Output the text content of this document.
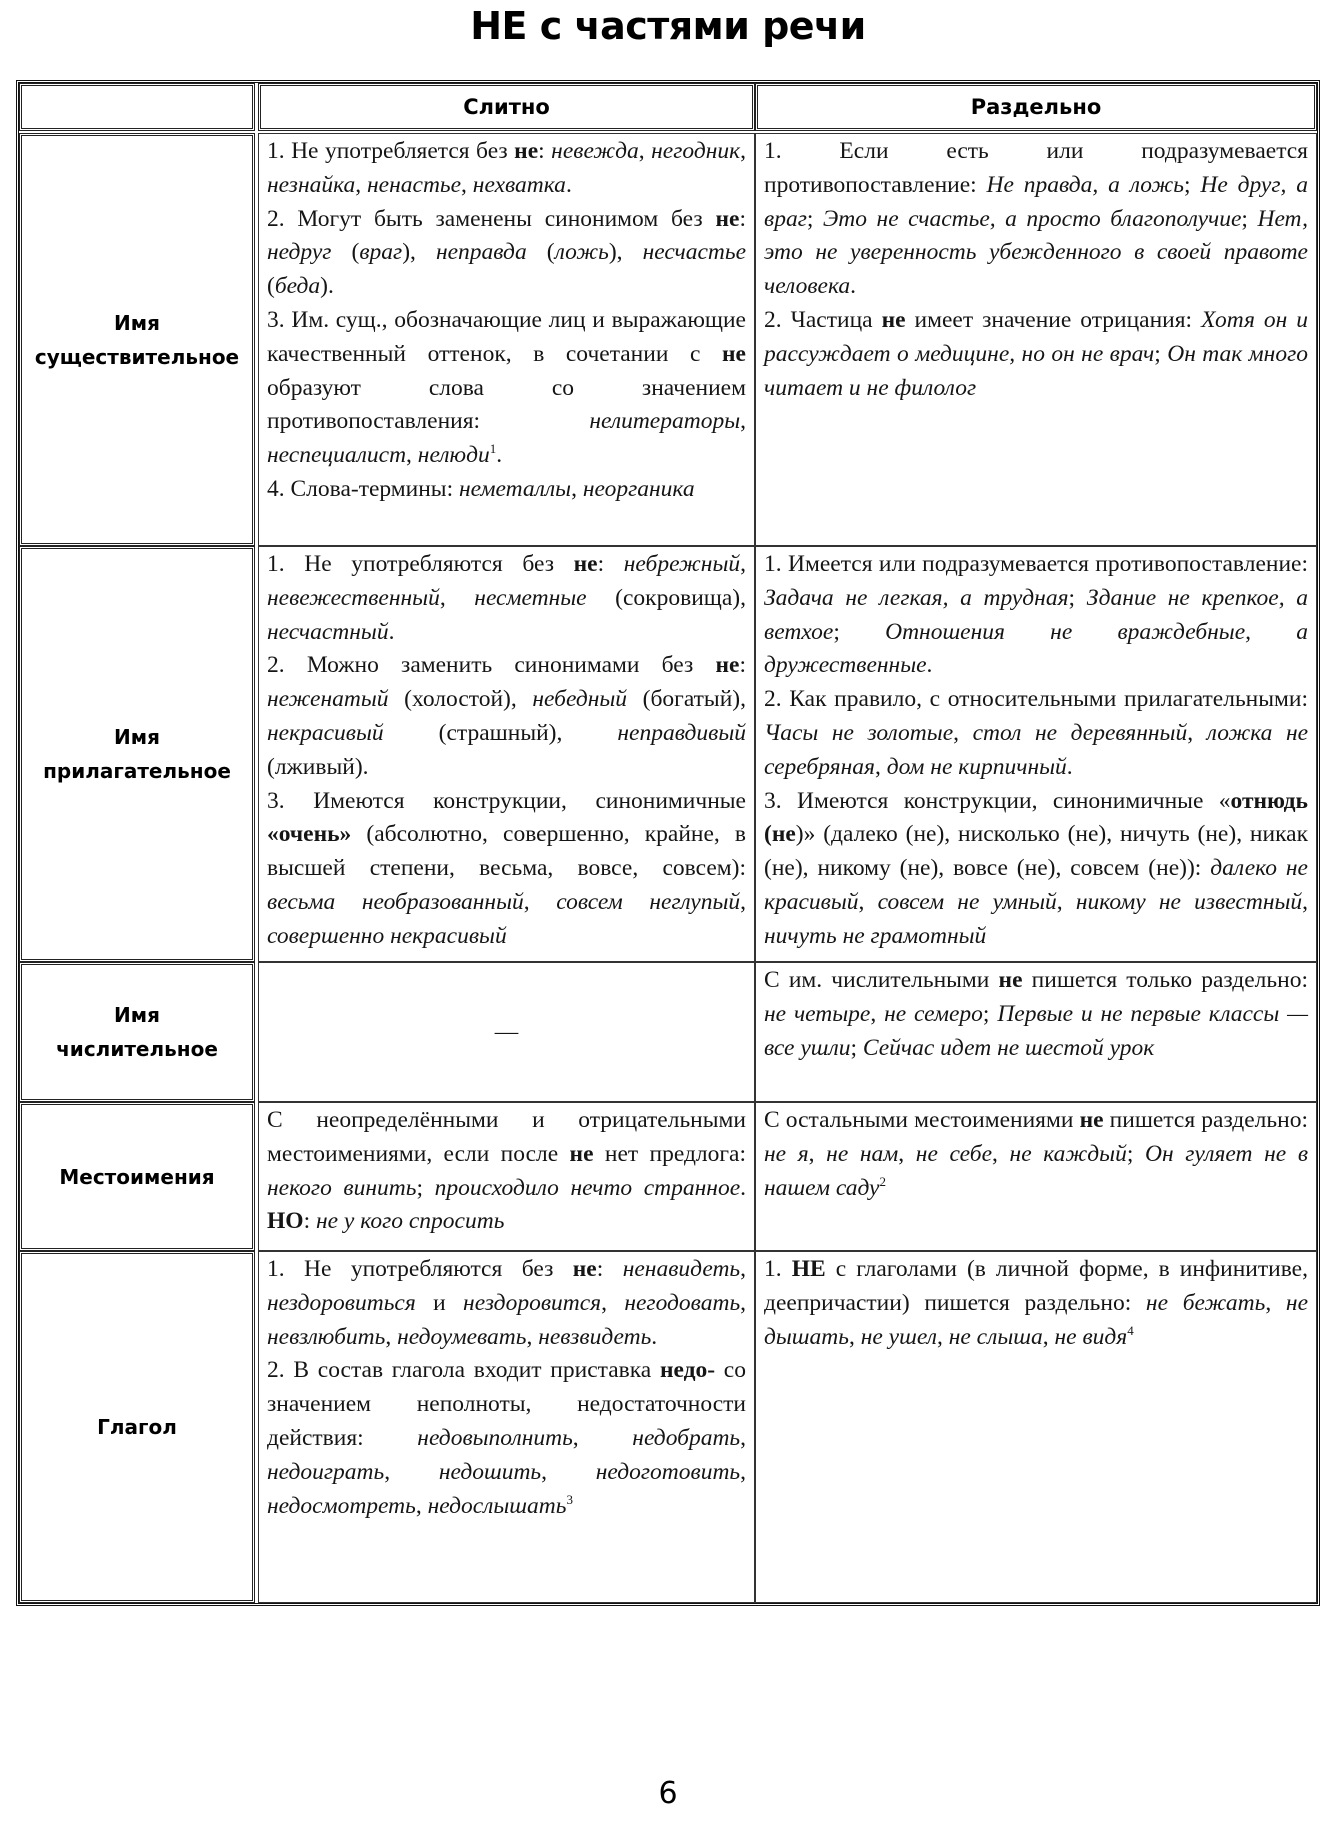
НЕ с частями речи
Слитно	Раздельно
Имя
существительное

1. Не употребляется без не: невежда, негодник, незнайка, ненастье, нехватка.

2. Могут быть заменены синонимом без не: недруг (враг), неправда (ложь), несчастье (беда).

3. Им. сущ., обозначающие лиц и выражающие качественный оттенок, в сочетании с не образуют слова со значением противопоставления: нелитераторы, неспециалист, нелюди$^1$.

4. Слова-термины: неметаллы, неорганика

1. Если есть или подразумевается противопоставление: Не правда, а ложь; Не друг, а враг; Это не счастье, а просто благополучие; Нет, это не уверенность убежденного в своей правоте человека.

2. Частица не имеет значение отрицания: Хотя он и рассуждает о медицине, но он не врач; Он так много читает и не филолог

Имя
прилагательное

1. Не употребляются без не: небрежный, невежественный, несметные (сокровища), несчастный.

2. Можно заменить синонимами без не: неженатый (холостой), небедный (богатый), некрасивый (страшный), неправдивый (лживый).

3. Имеются конструкции, синонимичные «очень» (абсолютно, совершенно, крайне, в высшей степени, весьма, вовсе, совсем): весьма необразованный, совсем неглупый, совершенно некрасивый

1. Имеется или подразумевается противопоставление: Задача не легкая, а трудная; Здание не крепкое, а ветхое; Отношения не враждебные, а дружественные.

2. Как правило, с относительными прилагательными: Часы не золотые, стол не деревянный, ложка не серебряная, дом не кирпичный.

3. Имеются конструкции, синонимичные «отнюдь (не)» (далеко (не), нисколько (не), ничуть (не), никак (не), никому (не), вовсе (не), совсем (не)): далеко не красивый, совсем не умный, никому не известный, ничуть не грамотный

Имя
числительное
—

С им. числительными не пишется только раздельно: не четыре, не семеро; Первые и не первые классы — все ушли; Сейчас идет не шестой урок

Местоимения

С неопределёнными и отрицательными местоимениями, если после не нет предлога: некого винить; происходило нечто странное. НО: не у кого спросить

С остальными местоимениями не пишется раздельно: не я, не нам, не себе, не каждый; Он гуляет не в нашем саду$^2$

Глагол

1. Не употребляются без не: ненавидеть, нездоровиться и нездоровится, негодовать, невзлюбить, недоумевать, невзвидеть.

2. В состав глагола входит приставка недо- со значением неполноты, недостаточности действия: недовыполнить, недобрать, недоиграть, недошить, недоготовить, недосмотреть, недослышать$^3$

1. НЕ с глаголами (в личной форме, в инфинитиве, деепричастии) пишется раздельно: не бежать, не дышать, не ушел, не слыша, не видя$^4$

6
